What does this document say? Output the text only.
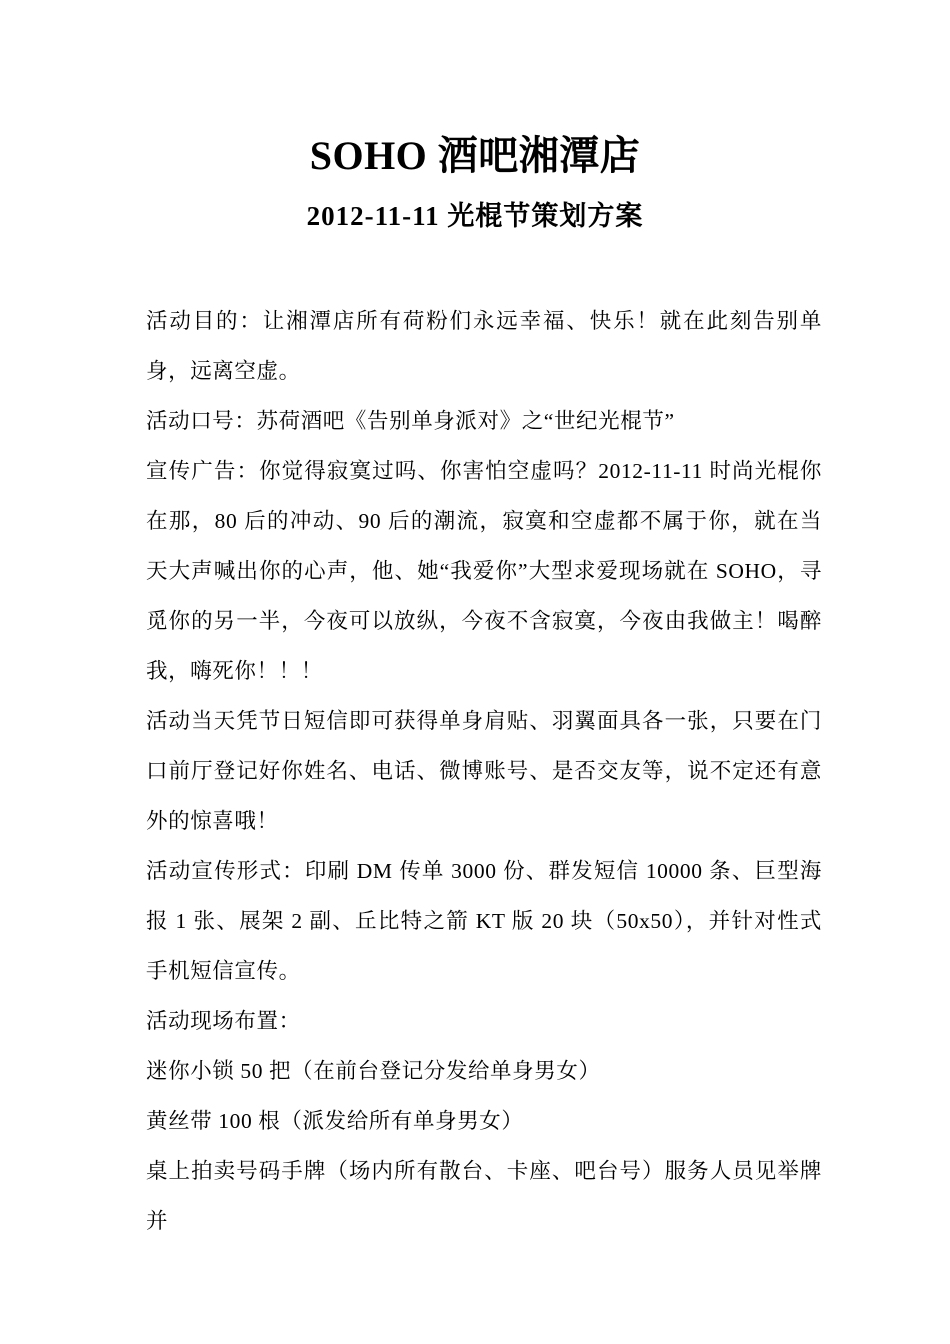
SOHO 酒吧湘潭店
2012-11-11 光棍节策划方案

活动目的：让湘潭店所有荷粉们永远幸福、快乐！就在此刻告别单身，远离空虚。

活动口号：苏荷酒吧《告别单身派对》之“世纪光棍节”

宣传广告：你觉得寂寞过吗、你害怕空虚吗？2012-11-11 时尚光棍你在那，80 后的冲动、90 后的潮流，寂寞和空虚都不属于你，就在当天大声喊出你的心声，他、她“我爱你”大型求爱现场就在 SOHO，寻觅你的另一半，今夜可以放纵，今夜不含寂寞，今夜由我做主！喝醉我，嗨死你！！！

活动当天凭节日短信即可获得单身肩贴、羽翼面具各一张，只要在门口前厅登记好你姓名、电话、微博账号、是否交友等，说不定还有意外的惊喜哦！

活动宣传形式：印刷 DM 传单 3000 份、群发短信 10000 条、巨型海报 1 张、展架 2 副、丘比特之箭 KT 版 20 块（50x50），并针对性式手机短信宣传。

活动现场布置：

迷你小锁 50 把（在前台登记分发给单身男女）

黄丝带 100 根（派发给所有单身男女）

桌上拍卖号码手牌（场内所有散台、卡座、吧台号）服务人员见举牌并
